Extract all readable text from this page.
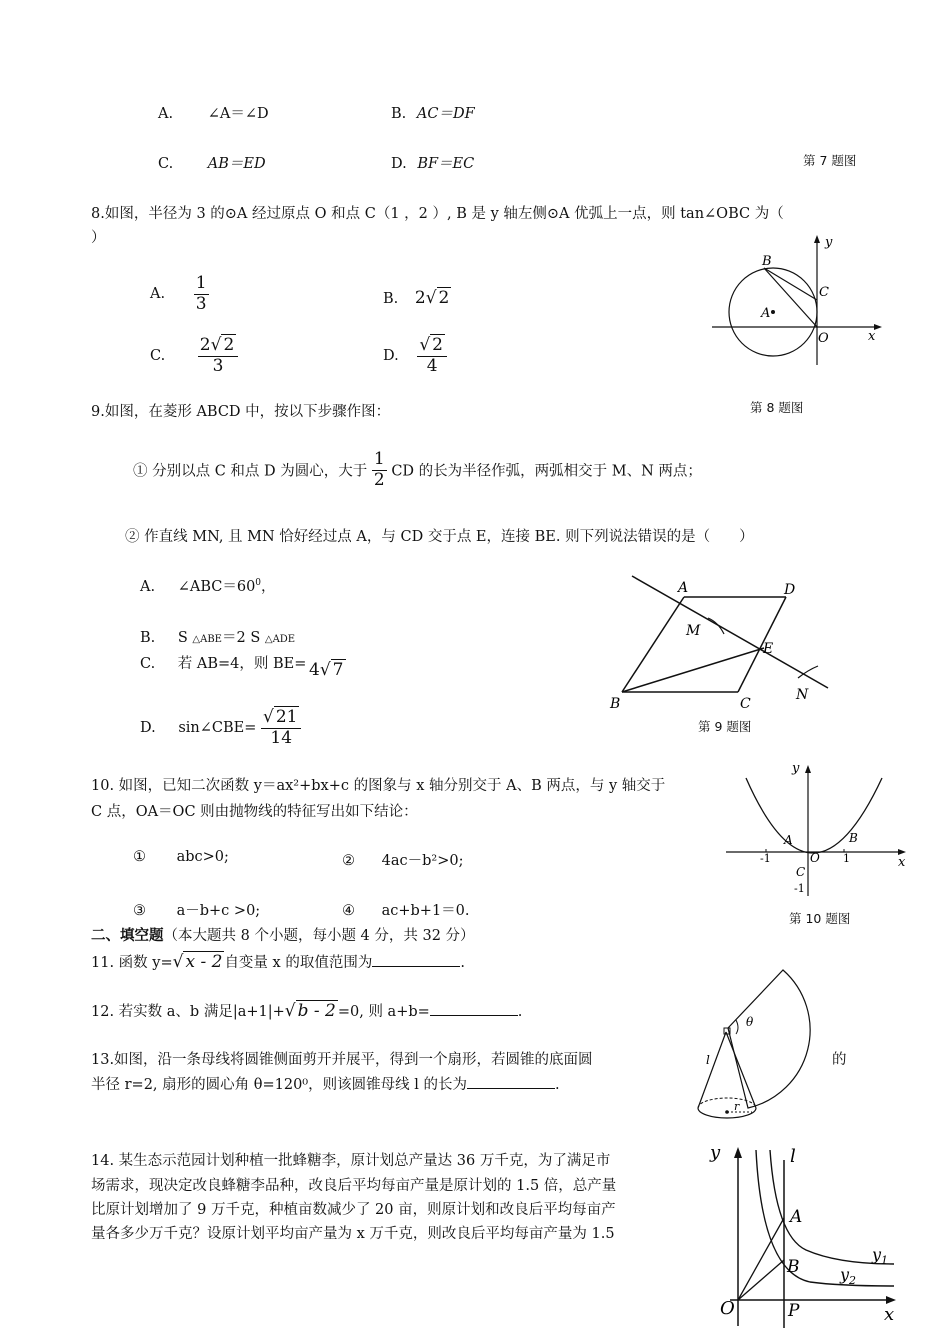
A. ∠A＝∠D	B. AC＝DF
C. AB＝ED	D. BF＝EC	第 7 题图
8.如图，半径为 3 的⊙A 经过原点 O 和点 C（1 ，2 ）, B 是 y 轴左侧⊙A 优弧上一点，则 tan∠OBC 为（
）
A. $\frac{1}{3}$	B. 2√ 2
C. $\frac{2√ 2}{3}$	D. $\frac{√ 2}{4}$
B
C
A
O	x
y
第 8 题图
9.如图，在菱形 ABCD 中，按以下步骤作图：
① 分别以点 C 和点 D 为圆心，大于 $\frac{1}{2}$ CD 的长为半径作弧，两弧相交于 M、N 两点；
② 作直线 MN, 且 MN 恰好经过点 A，与 CD 交于点 E，连接 BE. 则下列说法错误的是（　　）
A. $\angle ABC=60^0$，
B. S △ABE＝2 S △ADE
C. 若 AB=4，则 BE= 4√ 7
D. sin∠CBE= $\frac{√ 21}{14}$
A	D
M
E
B	C
N
第 9 题图
10. 如图，已知二次函数 y＝ax²+bx+c 的图象与 x 轴分别交于 A、B 两点，与 y 轴交于
C 点，OA＝OC 则由抛物线的特征写出如下结论：
① abc>0;	② 4ac－b²>0;
③ a－b+c >0;	④ ac+b+1＝0.
y
x
A	B
-1	O 1
C
-1
第 10 题图
二、填空题（本大题共 8 个小题，每小题 4 分，共 32 分）
11. 函数 y=√ x - 2 自变量 x 的取值范围为	.
12. 若实数 a、b 满足|a+1|+√ b - 2 =0, 则 a+b=	.
13.如图，沿一条母线将圆锥侧面剪开并展平，得到一个扇形，若圆锥的底面圆	的
半径 r=2, 扇形的圆心角 θ=120⁰，则该圆锥母线 l 的长为	.
θ
l
r
14. 某生态示范园计划种植一批蜂糖李，原计划总产量达 36 万千克，为了满足市
场需求，现决定改良蜂糖李品种，改良后平均每亩产量是原计划的 1.5 倍，总产量
比原计划增加了 9 万千克，种植亩数减少了 20 亩，则原计划和改良后平均每亩产
量各多少万千克？设原计划平均亩产量为 x 万千克，则改良后平均每亩产量为 1.5
y	l
A
B
$y_1$
$y_2$
O	P	x
